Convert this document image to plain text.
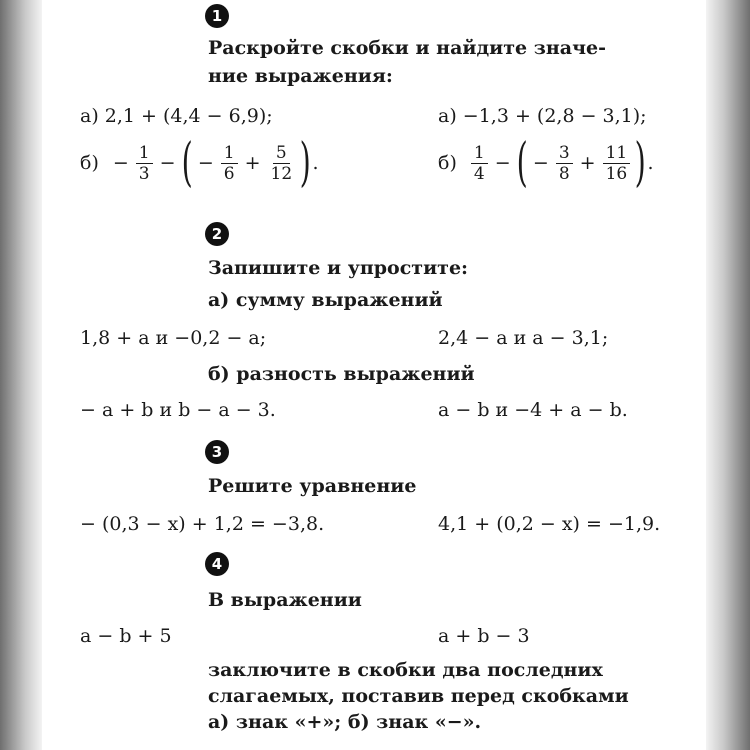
1
Раскройте скобки и найдите значе-
ние выражения:
а) 2,1 + (4,4 − 6,9);	а) −1,3 + (2,8 − 3,1);
$б) - \frac{1}{3}$ − ( − $\frac{1}{6} + \frac{5}{12}$ ) .	$б) \frac{1}{4}$ − ( − $\frac{3}{8} + \frac{11}{16}$ ) .
2
Запишите и упростите:
а) сумму выражений
1,8 + a и −0,2 − a;	2,4 − a и a − 3,1;
б) разность выражений
− a + b и b − a − 3.	a − b и −4 + a − b.
3
Решите уравнение
− (0,3 − x) + 1,2 = −3,8.	4,1 + (0,2 − x) = −1,9.
4
В выражении
a − b + 5	a + b − 3
заключите в скобки два последних
слагаемых, поставив перед скобками
а) знак «+»; б) знак «−».
